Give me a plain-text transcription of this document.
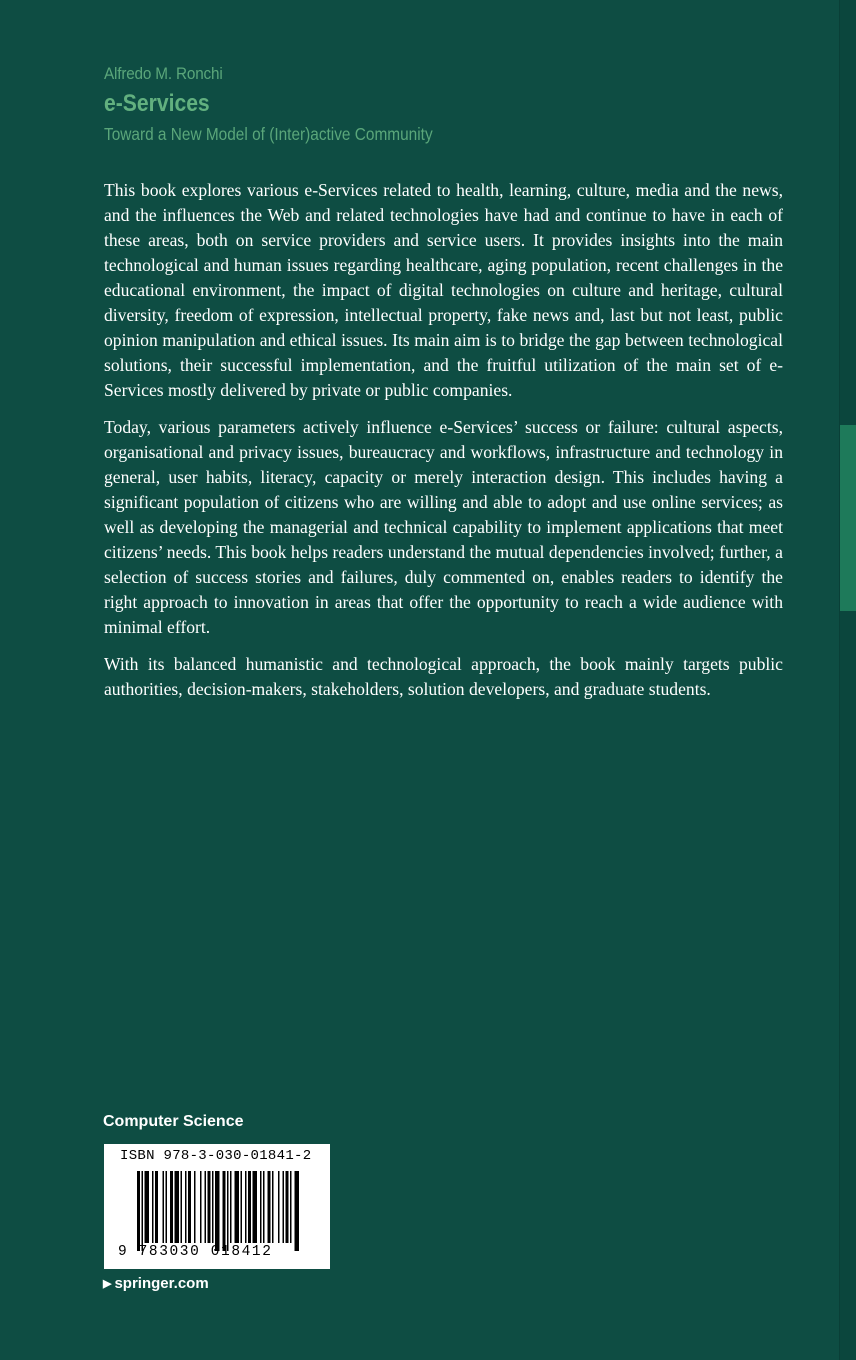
Alfredo M. Ronchi
e-Services
Toward a New Model of (Inter)active Community

This book explores various e-Services related to health, learning, culture, media and the news, and the influences the Web and related technologies have had and continue to have in each of these areas, both on service providers and service users. It provides insights into the main technological and human issues regarding healthcare, aging population, recent challenges in the educational environment, the impact of digital technologies on culture and heritage, cultural diversity, freedom of expression, intellectual property, fake news and, last but not least, public opinion manipulation and ethical issues. Its main aim is to bridge the gap between technological solutions, their successful implementation, and the fruitful utilization of the main set of e-Services mostly delivered by private or public companies.

Today, various parameters actively influence e-Services’ success or failure: cultural aspects, organisational and privacy issues, bureaucracy and workflows, infrastructure and technology in general, user habits, literacy, capacity or merely interaction design. This includes having a significant population of citizens who are willing and able to adopt and use online services; as well as developing the managerial and technical capability to implement applications that meet citizens’ needs. This book helps readers understand the mutual dependencies involved; further, a selection of success stories and failures, duly commented on, enables readers to identify the right approach to innovation in areas that offer the opportunity to reach a wide audience with minimal effort.

With its balanced humanistic and technological approach, the book mainly targets public authorities, decision-makers, stakeholders, solution developers, and graduate students.

Computer Science
ISBN 978-3-030-01841-2
9 783030 018412
▶ springer.com
